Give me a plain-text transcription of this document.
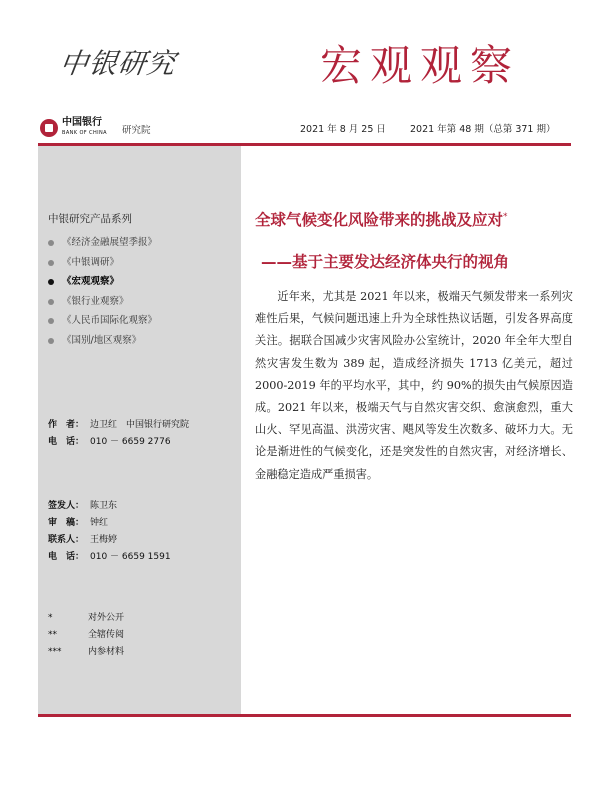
中银研究	宏观观察
中国银行
BANK OF CHINA 研究院	2021 年 8 月 25 日	2021 年第 48 期（总第 371 期）
中银研究产品系列
《经济金融展望季报》
《中银调研》
《宏观观察》
《银行业观察》
《人民币国际化观察》
《国别/地区观察》
作　者： 边卫红　中国银行研究院
电　话： 010 － 6659 2776
签发人： 陈卫东
审　稿： 钟红
联系人： 王梅婷
电　话： 010 － 6659 1591
*	对外公开
**	全辖传阅
***	内参材料
全球气候变化风险带来的挑战及应对*
——基于主要发达经济体央行的视角
近年来，尤其是 2021 年以来，极端天气频发带来一系列灾难性后果，气候问题迅速上升为全球性热议话题，引发各界高度关注。据联合国减少灾害风险办公室统计，2020 年全年大型自然灾害发生数为 389 起，造成经济损失 1713 亿美元，超过 2000-2019 年的平均水平，其中，约 90%的损失由气候原因造成。2021 年以来，极端天气与自然灾害交织、愈演愈烈，重大山火、罕见高温、洪涝灾害、飓风等发生次数多、破坏力大。无论是渐进性的气候变化，还是突发性的自然灾害，对经济增长、金融稳定造成严重损害。
